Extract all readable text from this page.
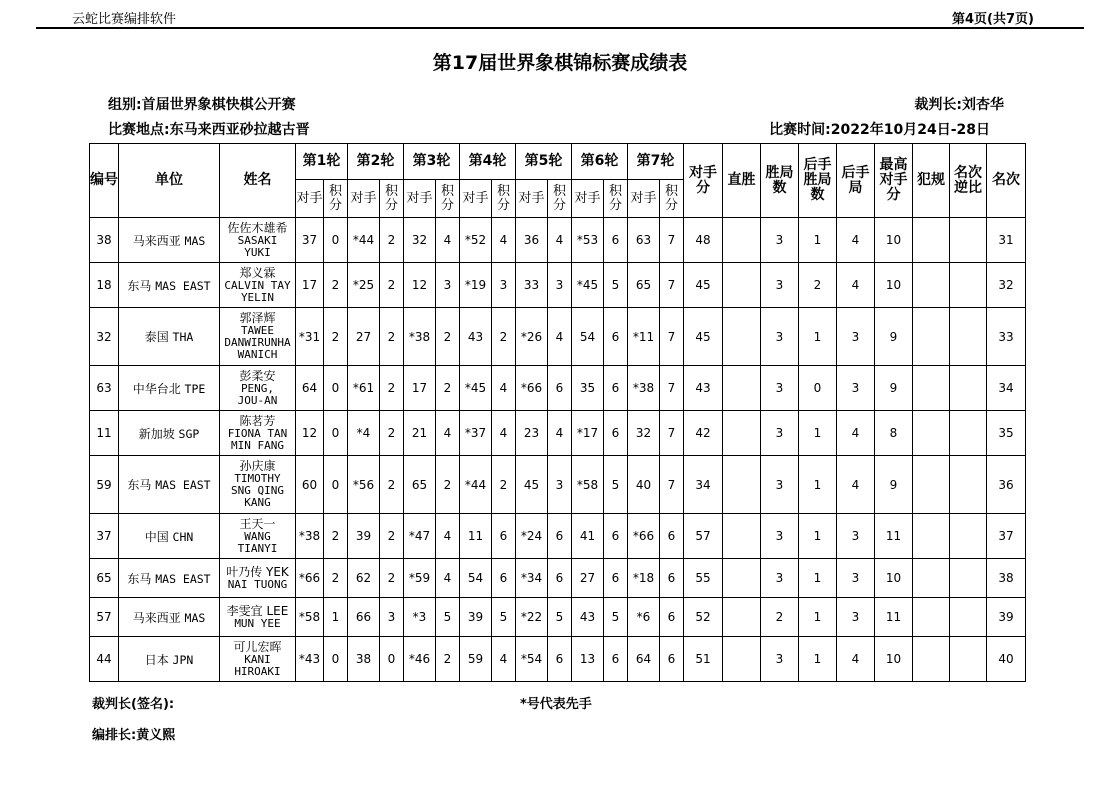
云蛇比赛编排软件	第4页(共7页)
第17届世界象棋锦标赛成绩表
组别:首届世界象棋快棋公开赛	裁判长:刘杏华
比赛地点:东马来西亚砂拉越古晋	比赛时间:2022年10月24日-28日
编号	单位	姓名	第1轮		第2轮		第3轮		第4轮		第5轮		第6轮		第7轮		对手分	直胜	胜局数	后手胜局数	后手局	最高对手分	犯规	名次逆比	名次
			对手	积分	对手	积分	对手	积分	对手	积分	对手	积分	对手	积分	对手	积分									
38	马来西亚 MAS	佐佐木雄希
SASAKI
YUKI	37	0	*44	2	32	4	*52	4	36	4	*53	6	63	7	48		3	1	4	10			31
18	东马 MAS EAST	郑义霖
CALVIN TAY
YELIN	17	2	*25	2	12	3	*19	3	33	3	*45	5	65	7	45		3	2	4	10			32
32	泰国 THA	郭泽辉
TAWEE
DANWIRUNHA
WANICH	*31	2	27	2	*38	2	43	2	*26	4	54	6	*11	7	45		3	1	3	9			33
63	中华台北 TPE	彭柔安
PENG,
JOU-AN	64	0	*61	2	17	2	*45	4	*66	6	35	6	*38	7	43		3	0	3	9			34
11	新加坡 SGP	陈茗芳
FIONA TAN
MIN FANG	12	0	*4	2	21	4	*37	4	23	4	*17	6	32	7	42		3	1	4	8			35
59	东马 MAS EAST	孙庆康
TIMOTHY
SNG QING
KANG	60	0	*56	2	65	2	*44	2	45	3	*58	5	40	7	34		3	1	4	9			36
37	中国 CHN	王天一
WANG
TIANYI	*38	2	39	2	*47	4	11	6	*24	6	41	6	*66	6	57		3	1	3	11			37
65	东马 MAS EAST	叶乃传 YEK
NAI TUONG	*66	2	62	2	*59	4	54	6	*34	6	27	6	*18	6	55		3	1	3	10			38
57	马来西亚 MAS	李雯宜 LEE
MUN YEE	*58	1	66	3	*3	5	39	5	*22	5	43	5	*6	6	52		2	1	3	11			39
44	日本 JPN	可儿宏晖
KANI
HIROAKI	*43	0	38	0	*46	2	59	4	*54	6	13	6	64	6	51		3	1	4	10			40
裁判长(签名):	*号代表先手
编排长:黄义熙
